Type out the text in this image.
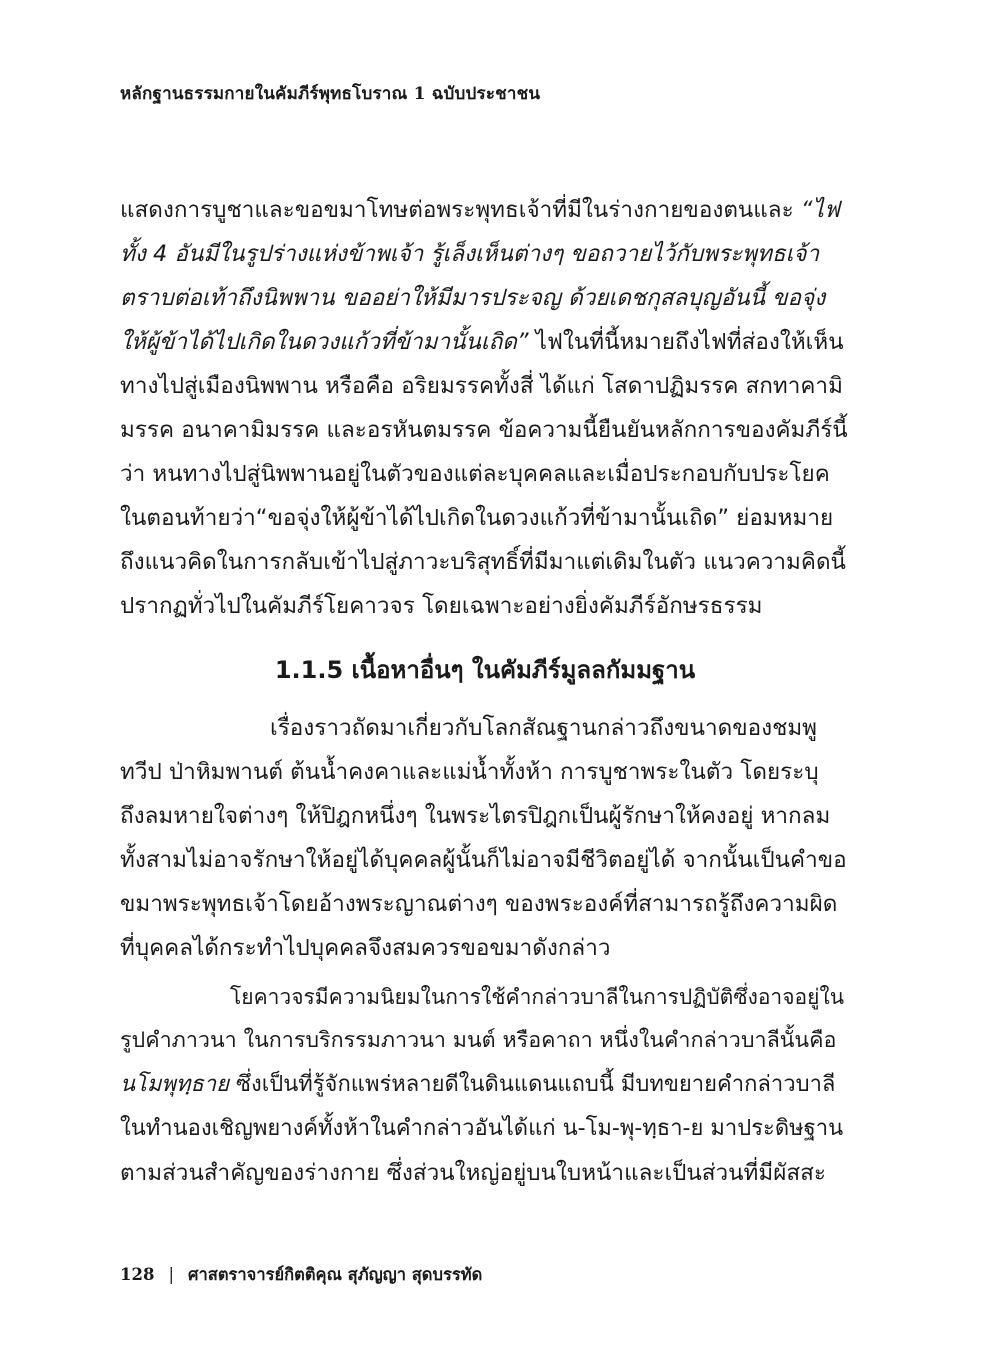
หลักฐานธรรมกายในคัมภีร์พุทธโบราณ 1 ฉบับประชาชน
แสดงการบูชาและขอขมาโทษต่อพระพุทธเจ้าที่มีในร่างกายของตนและ “ไฟ
ทั้ง 4 อันมีในรูปร่างแห่งข้าพเจ้า รู้เล็งเห็นต่างๆ ขอถวายไว้กับพระพุทธเจ้า
ตราบต่อเท้าถึงนิพพาน ขออย่าให้มีมารประจญ ด้วยเดชกุสลบุญอันนี้ ขอจุ่ง
ให้ผู้ข้าได้ไปเกิดในดวงแก้วที่ข้ามานั้นเถิด” ไฟในที่นี้หมายถึงไฟที่ส่องให้เห็น
ทางไปสู่เมืองนิพพาน หรือคือ อริยมรรคทั้งสี่ ได้แก่ โสดาปฏิมรรค สกทาคามิ
มรรค อนาคามิมรรค และอรหันตมรรค ข้อความนี้ยืนยันหลักการของคัมภีร์นี้
ว่า หนทางไปสู่นิพพานอยู่ในตัวของแต่ละบุคคลและเมื่อประกอบกับประโยค
ในตอนท้ายว่า“ขอจุ่งให้ผู้ข้าได้ไปเกิดในดวงแก้วที่ข้ามานั้นเถิด” ย่อมหมาย
ถึงแนวคิดในการกลับเข้าไปสู่ภาวะบริสุทธิ์ที่มีมาแต่เดิมในตัว แนวความคิดนี้
ปรากฏทั่วไปในคัมภีร์โยคาวจร โดยเฉพาะอย่างยิ่งคัมภีร์อักษรธรรม
1.1.5 เนื้อหาอื่นๆ ในคัมภีร์มูลลกัมมฐาน
เรื่องราวถัดมาเกี่ยวกับโลกสัณฐานกล่าวถึงขนาดของชมพู
ทวีป ป่าหิมพานต์ ต้นน้ำคงคาและแม่น้ำทั้งห้า การบูชาพระในตัว โดยระบุ
ถึงลมหายใจต่างๆ ให้ปิฎกหนึ่งๆ ในพระไตรปิฎกเป็นผู้รักษาให้คงอยู่ หากลม
ทั้งสามไม่อาจรักษาให้อยู่ได้บุคคลผู้นั้นก็ไม่อาจมีชีวิตอยู่ได้ จากนั้นเป็นคำขอ
ขมาพระพุทธเจ้าโดยอ้างพระญาณต่างๆ ของพระองค์ที่สามารถรู้ถึงความผิด
ที่บุคคลได้กระทำไปบุคคลจึงสมควรขอขมาดังกล่าว
โยคาวจรมีความนิยมในการใช้คำกล่าวบาลีในการปฏิบัติซึ่งอาจอยู่ใน
รูปคำภาวนา ในการบริกรรมภาวนา มนต์ หรือคาถา หนึ่งในคำกล่าวบาลีนั้นคือ
นโมพุทฺธาย ซึ่งเป็นที่รู้จักแพร่หลายดีในดินแดนแถบนี้ มีบทขยายคำกล่าวบาลี
ในทำนองเชิญพยางค์ทั้งห้าในคำกล่าวอันได้แก่ น-โม-พุ-ทฺธา-ย มาประดิษฐาน
ตามส่วนสำคัญของร่างกาย ซึ่งส่วนใหญ่อยู่บนใบหน้าและเป็นส่วนที่มีผัสสะ
128 | ศาสตราจารย์กิตติคุณ สุภัญญา สุดบรรทัด
